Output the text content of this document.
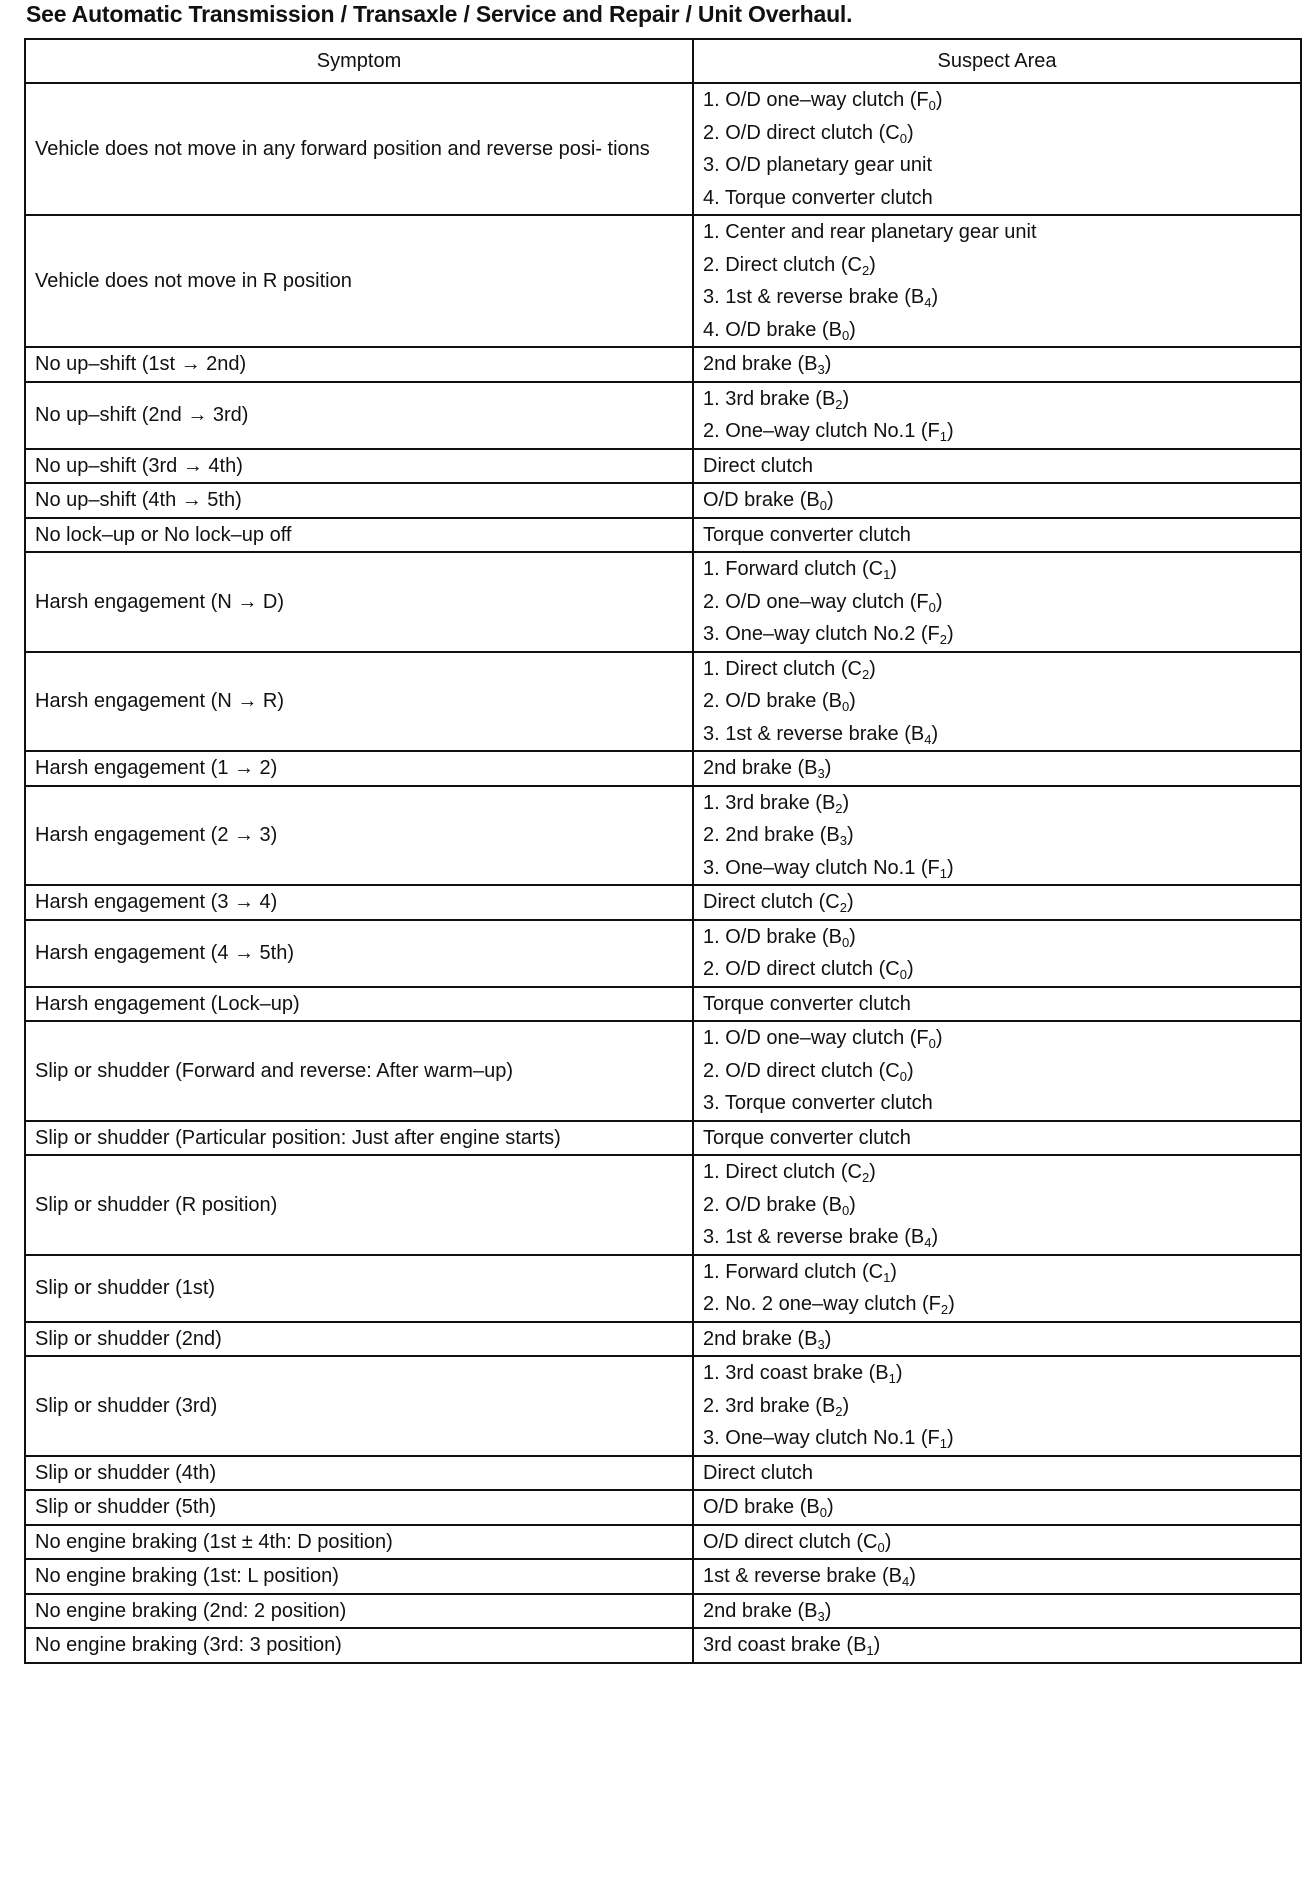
See Automatic Transmission / Transaxle / Service and Repair / Unit Overhaul.
Symptom	Suspect Area
Vehicle does not move in any forward position and reverse posi- tions	1. O/D one–way clutch $(F_0)$
2. O/D direct clutch $(C_0)$
3. O/D planetary gear unit
4. Torque converter clutch

Vehicle does not move in R position	1. Center and rear planetary gear unit
2. Direct clutch $(C_2)$
3. 1st & reverse brake $(B_4)$
4. O/D brake $(B_0)$

No up–shift (1st → 2nd)	2nd brake $(B_3)$

No up–shift (2nd → 3rd)	1. 3rd brake $(B_2)$
2. One–way clutch No.1 $(F_1)$

No up–shift (3rd → 4th)	Direct clutch

No up–shift (4th → 5th)	O/D brake $(B_0)$

No lock–up or No lock–up off	Torque converter clutch

Harsh engagement (N → D)	1. Forward clutch $(C_1)$
2. O/D one–way clutch $(F_0)$
3. One–way clutch No.2 $(F_2)$

Harsh engagement (N → R)	1. Direct clutch $(C_2)$
2. O/D brake $(B_0)$
3. 1st & reverse brake $(B_4)$

Harsh engagement (1 → 2)	2nd brake $(B_3)$

Harsh engagement (2 → 3)	1. 3rd brake $(B_2)$
2. 2nd brake $(B_3)$
3. One–way clutch No.1 $(F_1)$

Harsh engagement (3 → 4)	Direct clutch $(C_2)$

Harsh engagement (4 → 5th)	1. O/D brake $(B_0)$
2. O/D direct clutch $(C_0)$

Harsh engagement (Lock–up)	Torque converter clutch

Slip or shudder (Forward and reverse: After warm–up)	1. O/D one–way clutch $(F_0)$
2. O/D direct clutch $(C_0)$
3. Torque converter clutch

Slip or shudder (Particular position: Just after engine starts)	Torque converter clutch

Slip or shudder (R position)	1. Direct clutch $(C_2)$
2. O/D brake $(B_0)$
3. 1st & reverse brake $(B_4)$

Slip or shudder (1st)	1. Forward clutch $(C_1)$
2. No. 2 one–way clutch $(F_2)$

Slip or shudder (2nd)	2nd brake $(B_3)$

Slip or shudder (3rd)	1. 3rd coast brake $(B_1)$
2. 3rd brake $(B_2)$
3. One–way clutch No.1 $(F_1)$

Slip or shudder (4th)	Direct clutch

Slip or shudder (5th)	O/D brake $(B_0)$

No engine braking (1st ± 4th: D position)	O/D direct clutch $(C_0)$

No engine braking (1st: L position)	1st & reverse brake $(B_4)$

No engine braking (2nd: 2 position)	2nd brake $(B_3)$

No engine braking (3rd: 3 position)	3rd coast brake $(B_1)$
